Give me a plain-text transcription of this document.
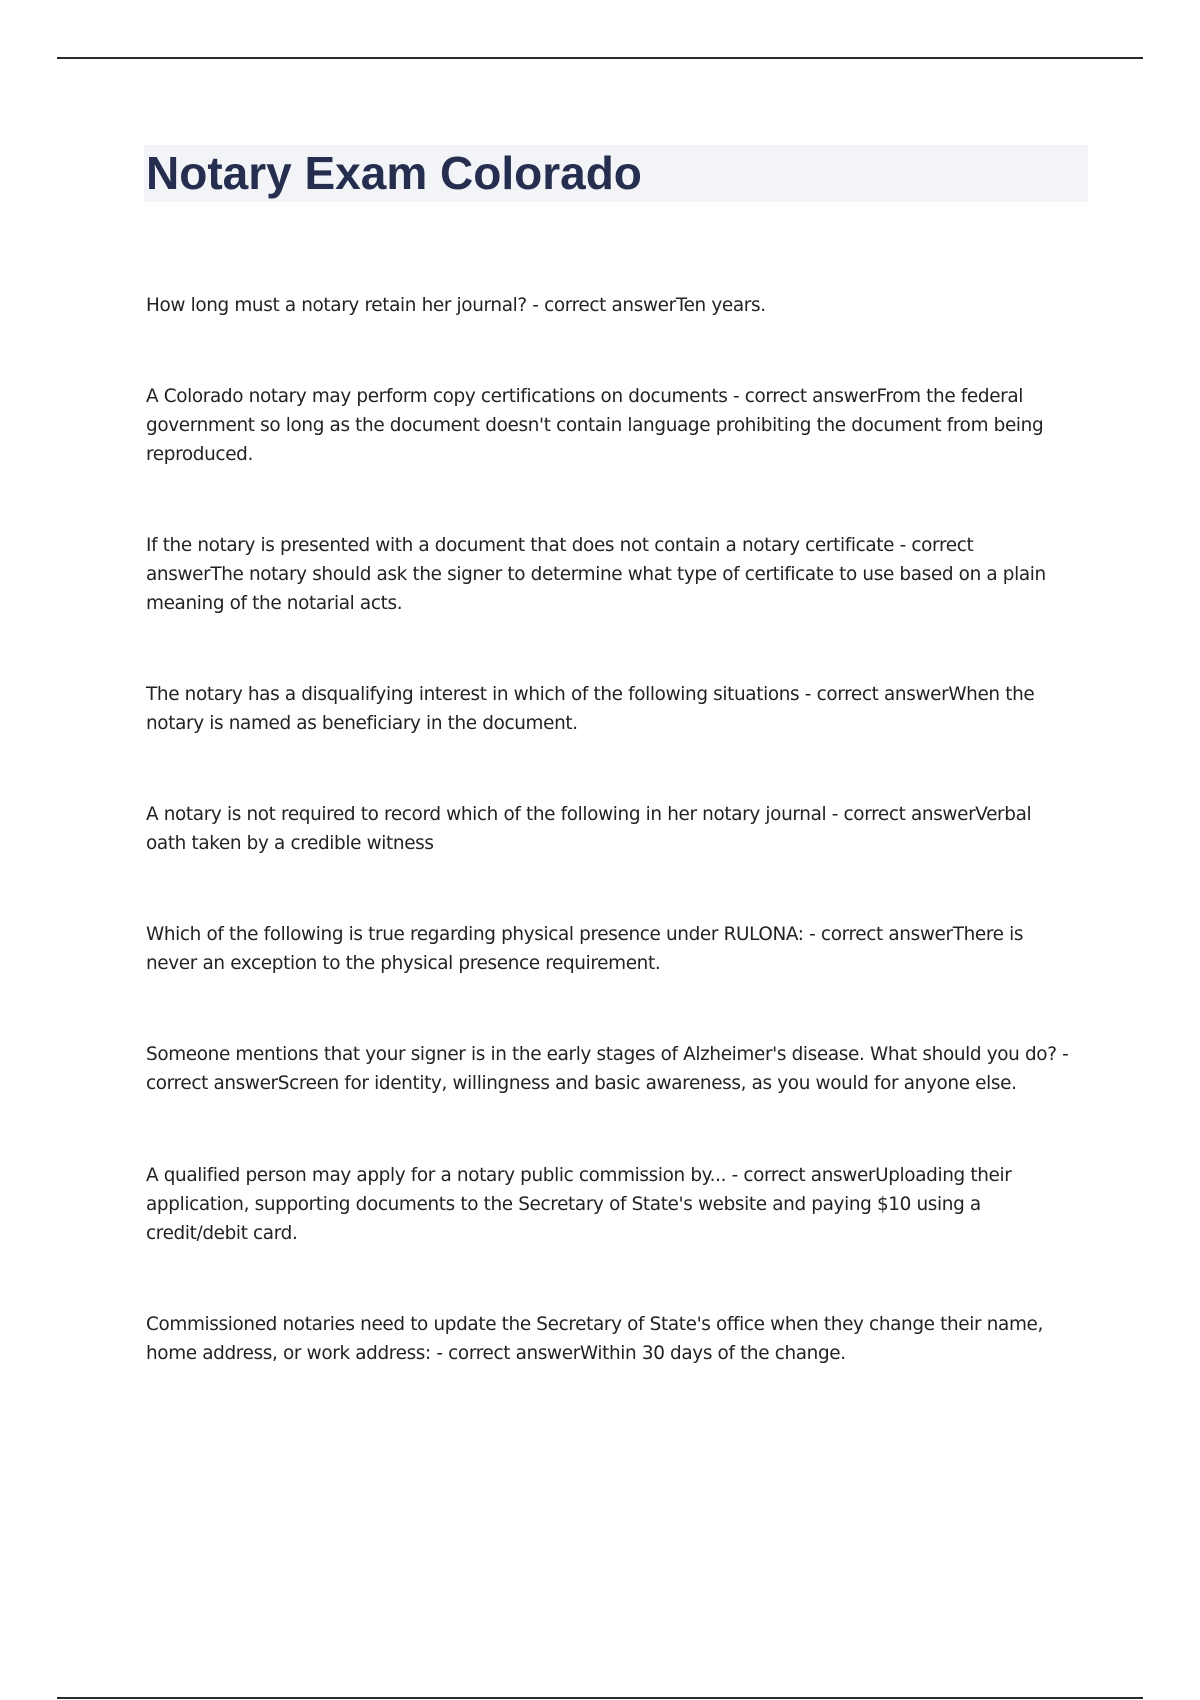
Notary Exam Colorado

How long must a notary retain her journal? - correct answerTen years.

A Colorado notary may perform copy certifications on documents - correct answerFrom the federal government so long as the document doesn't contain language prohibiting the document from being reproduced.

If the notary is presented with a document that does not contain a notary certificate - correct answerThe notary should ask the signer to determine what type of certificate to use based on a plain meaning of the notarial acts.

The notary has a disqualifying interest in which of the following situations - correct answerWhen the notary is named as beneficiary in the document.

A notary is not required to record which of the following in her notary journal - correct answerVerbal oath taken by a credible witness

Which of the following is true regarding physical presence under RULONA: - correct answerThere is never an exception to the physical presence requirement.

Someone mentions that your signer is in the early stages of Alzheimer's disease. What should you do? - correct answerScreen for identity, willingness and basic awareness, as you would for anyone else.

A qualified person may apply for a notary public commission by... - correct answerUploading their application, supporting documents to the Secretary of State's website and paying $10 using a credit/debit card.

Commissioned notaries need to update the Secretary of State's office when they change their name, home address, or work address: - correct answerWithin 30 days of the change.
